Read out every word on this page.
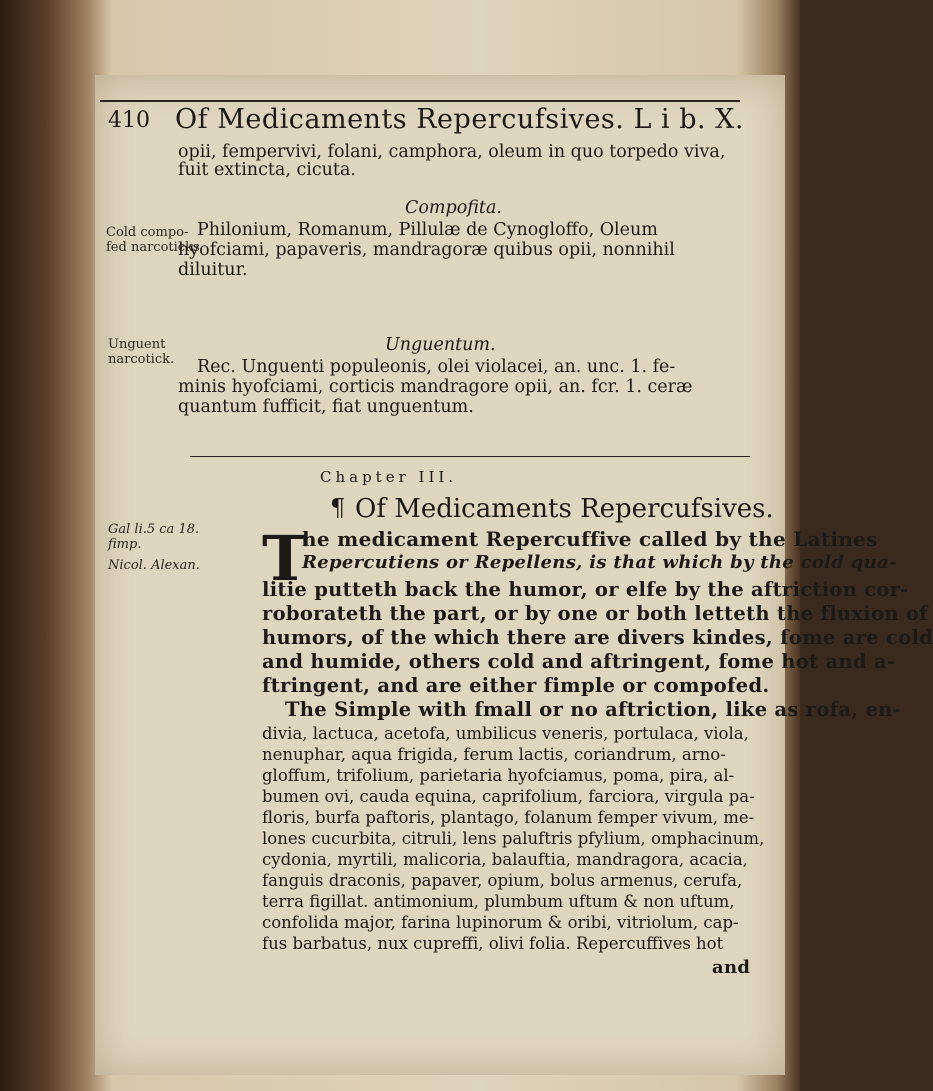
410 Of Medicaments Repercufsives. L i b. X.
opii, fempervivi, folani, camphora, oleum in quo torpedo viva,
fuit extincta, cicuta.
Compofita.
Cold compo-
fed narcoticks
Philonium, Romanum, Pillulæ de Cynogloffo, Oleum
hyofciami, papaveris, mandragoræ quibus opii, nonnihil
diluitur.
Unguentum.
Unguent
narcotick. Rec. Unguenti populeonis, olei violacei, an. unc. 1. fe-
minis hyofciami, corticis mandragore opii, an. fcr. 1. ceræ
quantum fufficit, fiat unguentum.
Chapter III.
¶ Of Medicaments Repercufsives.
Gal li.5 ca 18.
fimp.
Nicol. Alexan. T
he medicament Repercuffive called by the Latines
Repercutiens or Repellens, is that which by the cold qua-
litie putteth back the humor, or elfe by the aftriction cor-
roborateth the part, or by one or both letteth the fluxion of
humors, of the which there are divers kindes, fome are cold
and humide, others cold and aftringent, fome hot and a-
ftringent, and are either fimple or compofed.
The Simple with fmall or no aftriction, like as rofa, en-
divia, lactuca, acetofa, umbilicus veneris, portulaca, viola,
nenuphar, aqua frigida, ferum lactis, coriandrum, arno-
gloffum, trifolium, parietaria hyofciamus, poma, pira, al-
bumen ovi, cauda equina, caprifolium, farciora, virgula pa-
floris, burfa paftoris, plantago, folanum femper vivum, me-
lones cucurbita, citruli, lens paluftris pfylium, omphacinum,
cydonia, myrtili, malicoria, balauftia, mandragora, acacia,
fanguis draconis, papaver, opium, bolus armenus, cerufa,
terra figillat. antimonium, plumbum uftum & non uftum,
confolida major, farina lupinorum & oribi, vitriolum, cap-
fus barbatus, nux cupreffi, olivi folia. Repercuffives hot
and
